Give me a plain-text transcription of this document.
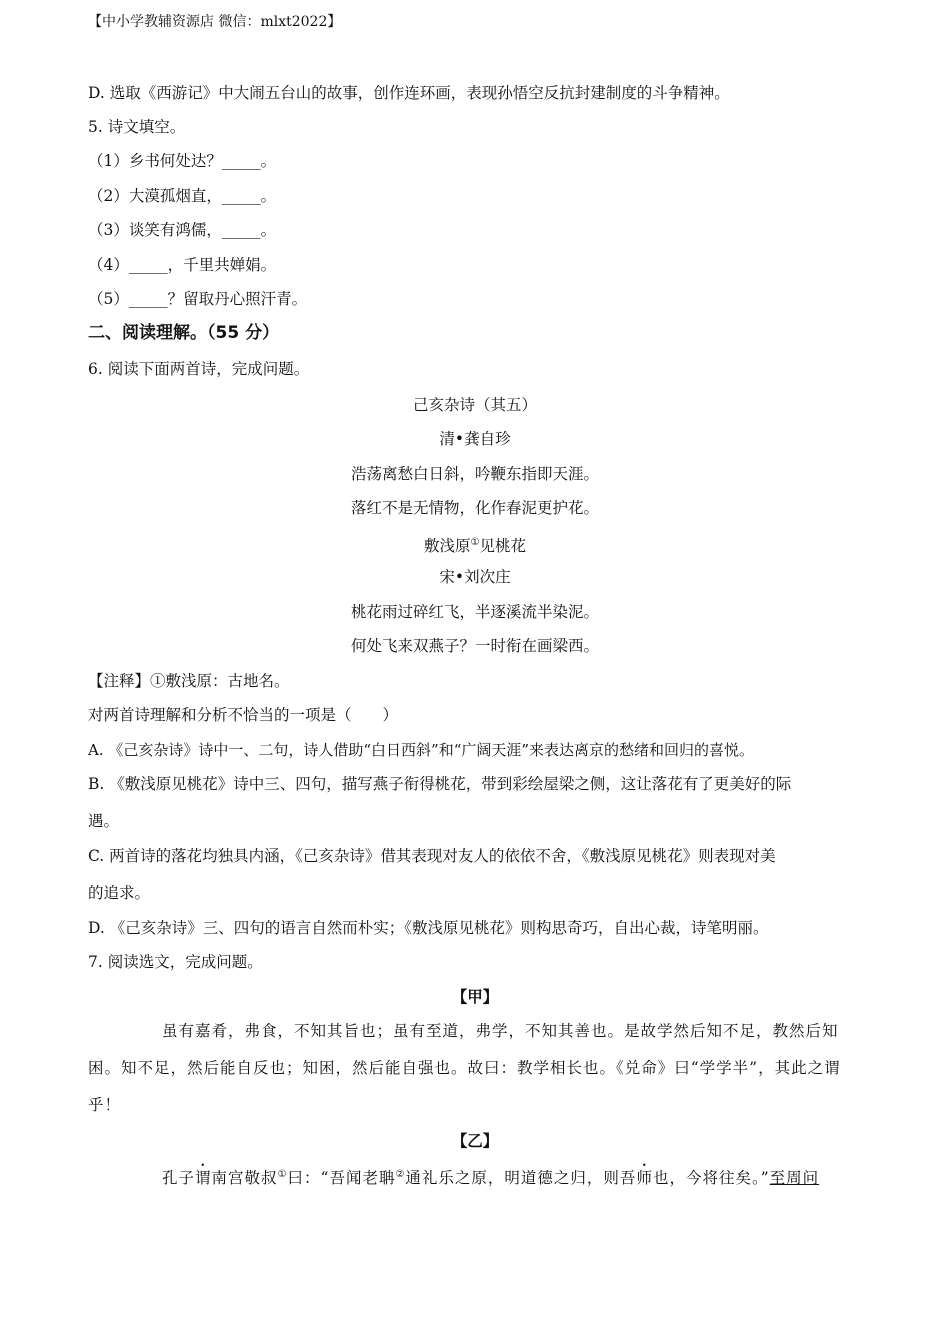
【中小学教辅资源店 微信：mlxt2022】
D. 选取《西游记》中大闹五台山的故事，创作连环画，表现孙悟空反抗封建制度的斗争精神。
5. 诗文填空。
（1）乡书何处达？_____。
（2）大漠孤烟直，_____。
（3）谈笑有鸿儒，_____。
（4）_____，千里共婵娟。
（5）_____？留取丹心照汗青。
二、阅读理解。（55 分）
6. 阅读下面两首诗，完成问题。
己亥杂诗（其五）
清•龚自珍
浩荡离愁白日斜，吟鞭东指即天涯。
落红不是无情物，化作春泥更护花。
敷浅原①见桃花
宋•刘次庄
桃花雨过碎红飞，半逐溪流半染泥。
何处飞来双燕子？一时衔在画梁西。
【注释】①敷浅原：古地名。
对两首诗理解和分析不恰当的一项是（　　）
A. 《己亥杂诗》诗中一、二句，诗人借助“白日西斜”和“广阔天涯”来表达离京的愁绪和回归的喜悦。
B. 《敷浅原见桃花》诗中三、四句，描写燕子衔得桃花，带到彩绘屋梁之侧，这让落花有了更美好的际
遇。
C. 两首诗的落花均独具内涵，《己亥杂诗》借其表现对友人的依依不舍，《敷浅原见桃花》则表现对美
的追求。
D. 《己亥杂诗》三、四句的语言自然而朴实；《敷浅原见桃花》则构思奇巧，自出心裁，诗笔明丽。
7. 阅读选文，完成问题。
【甲】
虽有嘉肴，弗食，不知其旨也；虽有至道，弗学，不知其善也。是故学然后知不足，教然后知困。知不足，然后能自反也；知困，然后能自强也。故曰：教学相长也。《兑命》曰“学学半”，其此之谓乎！
【乙】
孔子谓南宫敬叔①曰：“吾闻老聃②通礼乐之原，明道德之归，则吾师也，今将往矣。”至周问
